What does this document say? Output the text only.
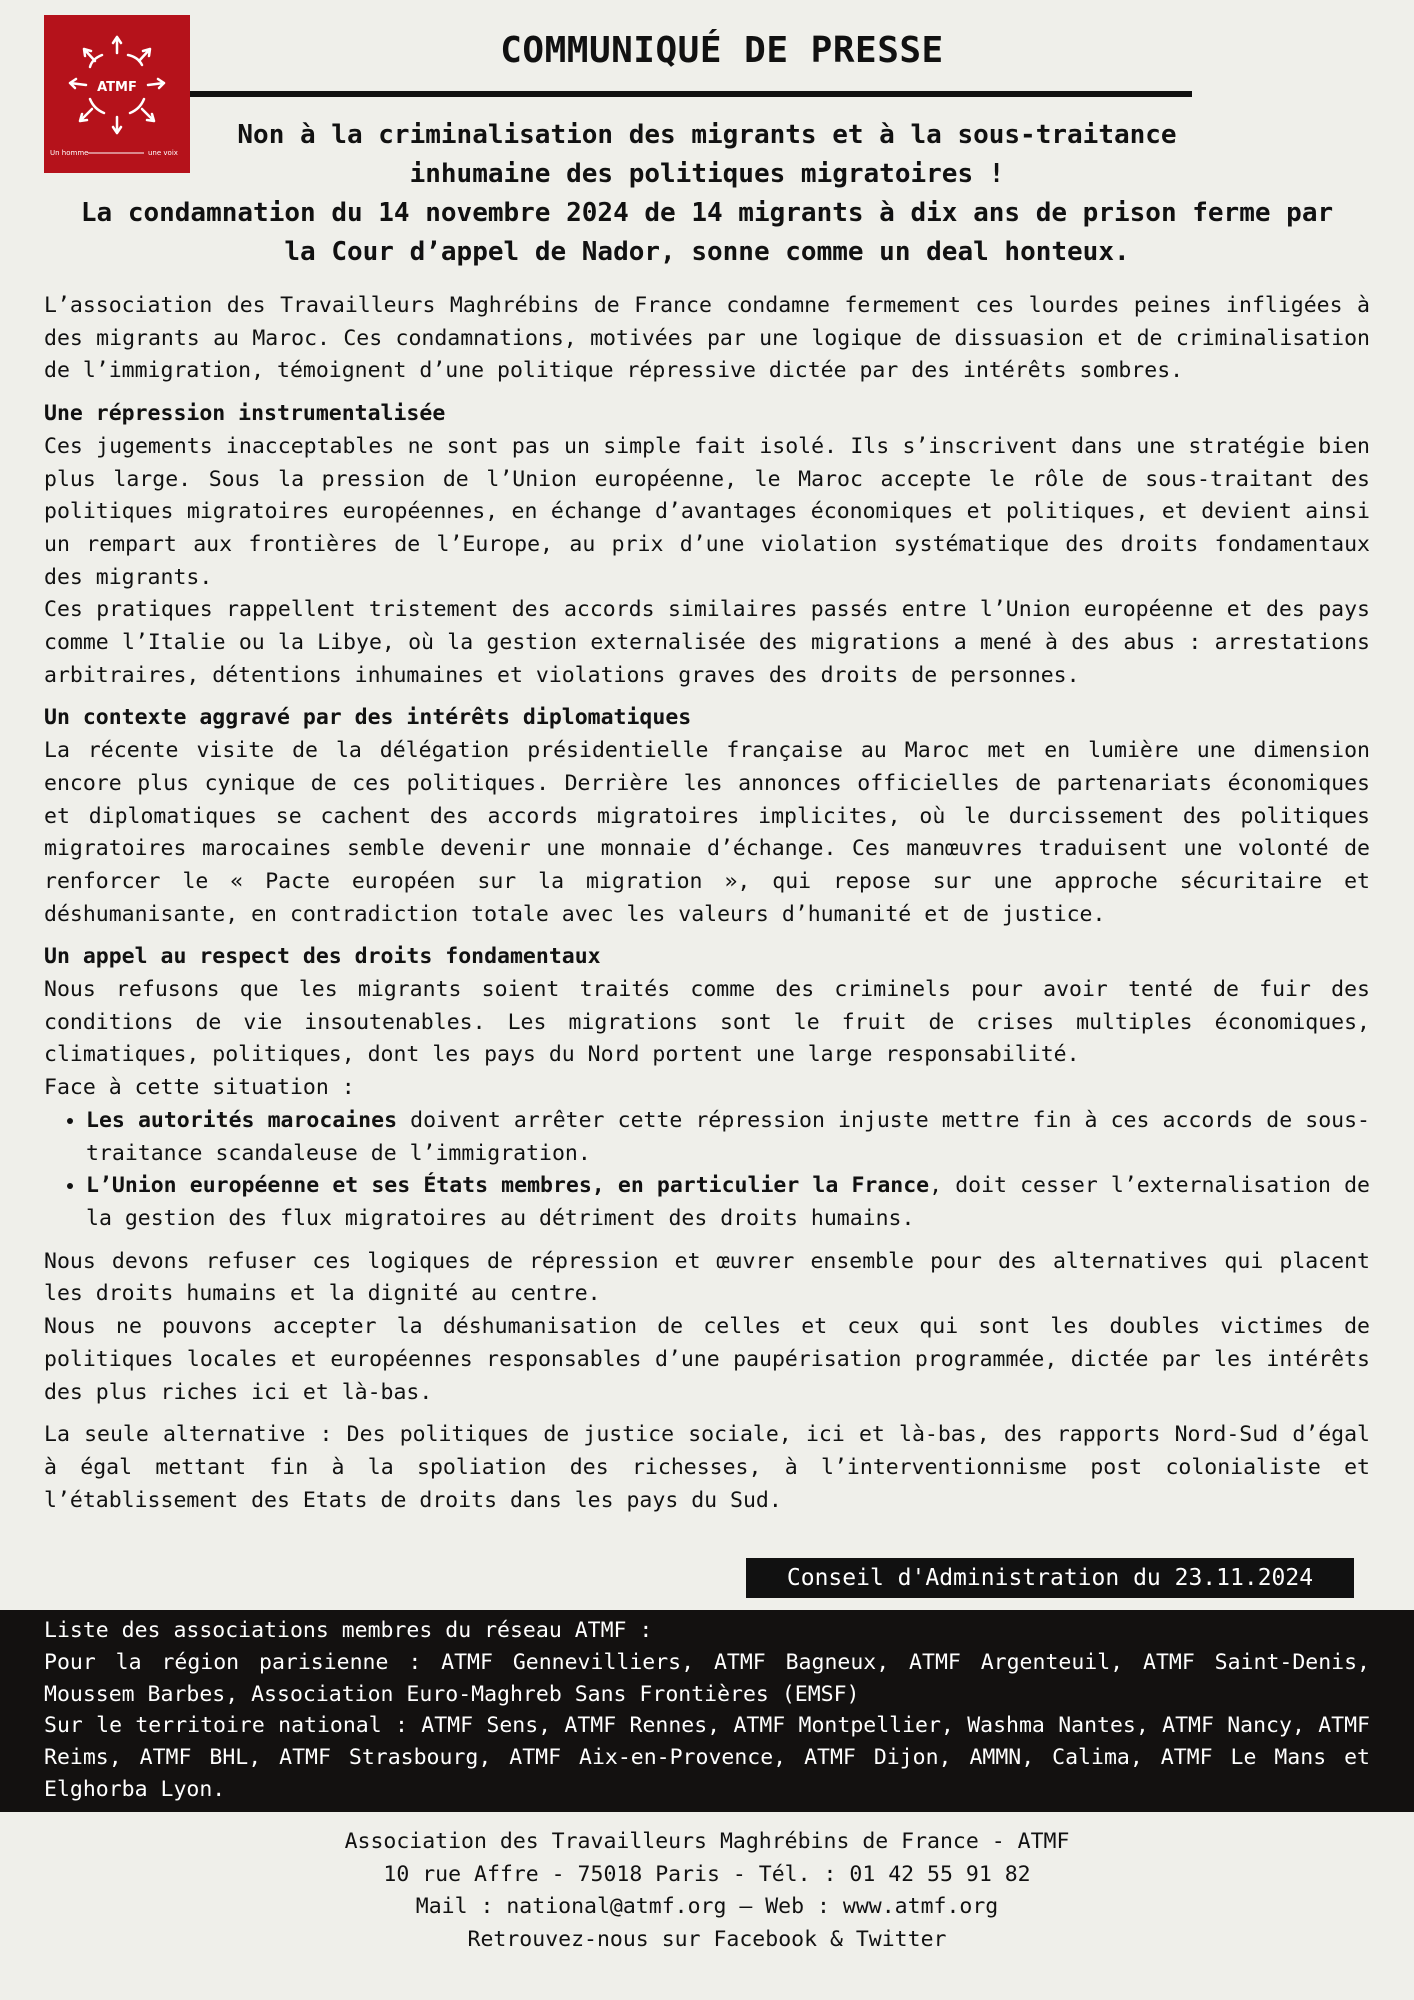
ATMF
Un homme	une voix
COMMUNIQUÉ DE PRESSE
Non à la criminalisation des migrants et à la sous-traitance
inhumaine des politiques migratoires !
La condamnation du 14 novembre 2024 de 14 migrants à dix ans de prison ferme par
la Cour d’appel de Nador, sonne comme un deal honteux.

L’association des Travailleurs Maghrébins de France condamne fermement ces lourdes peines infligées à des migrants au Maroc. Ces condamnations, motivées par une logique de dissuasion et de criminalisation de l’immigration, témoignent d’une politique répressive dictée par des intérêts sombres.

Une répression instrumentalisée

Ces jugements inacceptables ne sont pas un simple fait isolé. Ils s’inscrivent dans une stratégie bien plus large. Sous la pression de l’Union européenne, le Maroc accepte le rôle de sous-traitant des politiques migratoires européennes, en échange d’avantages économiques et politiques, et devient ainsi un rempart aux frontières de l’Europe, au prix d’une violation systématique des droits fondamentaux des migrants.

Ces pratiques rappellent tristement des accords similaires passés entre l’Union européenne et des pays comme l’Italie ou la Libye, où la gestion externalisée des migrations a mené à des abus : arrestations arbitraires, détentions inhumaines et violations graves des droits de personnes.

Un contexte aggravé par des intérêts diplomatiques

La récente visite de la délégation présidentielle française au Maroc met en lumière une dimension encore plus cynique de ces politiques. Derrière les annonces officielles de partenariats économiques et diplomatiques se cachent des accords migratoires implicites, où le durcissement des politiques migratoires marocaines semble devenir une monnaie d’échange. Ces manœuvres traduisent une volonté de renforcer le « Pacte européen sur la migration », qui repose sur une approche sécuritaire et déshumanisante, en contradiction totale avec les valeurs d’humanité et de justice.

Un appel au respect des droits fondamentaux

Nous refusons que les migrants soient traités comme des criminels pour avoir tenté de fuir des conditions de vie insoutenables. Les migrations sont le fruit de crises multiples économiques, climatiques, politiques, dont les pays du Nord portent une large responsabilité.

Face à cette situation :

• Les autorités marocaines doivent arrêter cette répression injuste mettre fin à ces accords de sous-traitance scandaleuse de l’immigration.
• L’Union européenne et ses États membres, en particulier la France, doit cesser l’externalisation de la gestion des flux migratoires au détriment des droits humains.

Nous devons refuser ces logiques de répression et œuvrer ensemble pour des alternatives qui placent les droits humains et la dignité au centre.

Nous ne pouvons accepter la déshumanisation de celles et ceux qui sont les doubles victimes de politiques locales et européennes responsables d’une paupérisation programmée, dictée par les intérêts des plus riches ici et là-bas.

La seule alternative : Des politiques de justice sociale, ici et là-bas, des rapports Nord-Sud d’égal à égal mettant fin à la spoliation des richesses, à l’interventionnisme post colonialiste et l’établissement des Etats de droits dans les pays du Sud.

Conseil d'Administration du 23.11.2024

Liste des associations membres du réseau ATMF :

Pour la région parisienne : ATMF Gennevilliers, ATMF Bagneux, ATMF Argenteuil, ATMF Saint-Denis, Moussem Barbes, Association Euro-Maghreb Sans Frontières (EMSF)

Sur le territoire national : ATMF Sens, ATMF Rennes, ATMF Montpellier, Washma Nantes, ATMF Nancy, ATMF Reims, ATMF BHL, ATMF Strasbourg, ATMF Aix-en-Provence, ATMF Dijon, AMMN, Calima, ATMF Le Mans et Elghorba Lyon.

Association des Travailleurs Maghrébins de France - ATMF

10 rue Affre - 75018 Paris - Tél. : 01 42 55 91 82

Mail : national@atmf.org – Web : www.atmf.org

Retrouvez-nous sur Facebook & Twitter
